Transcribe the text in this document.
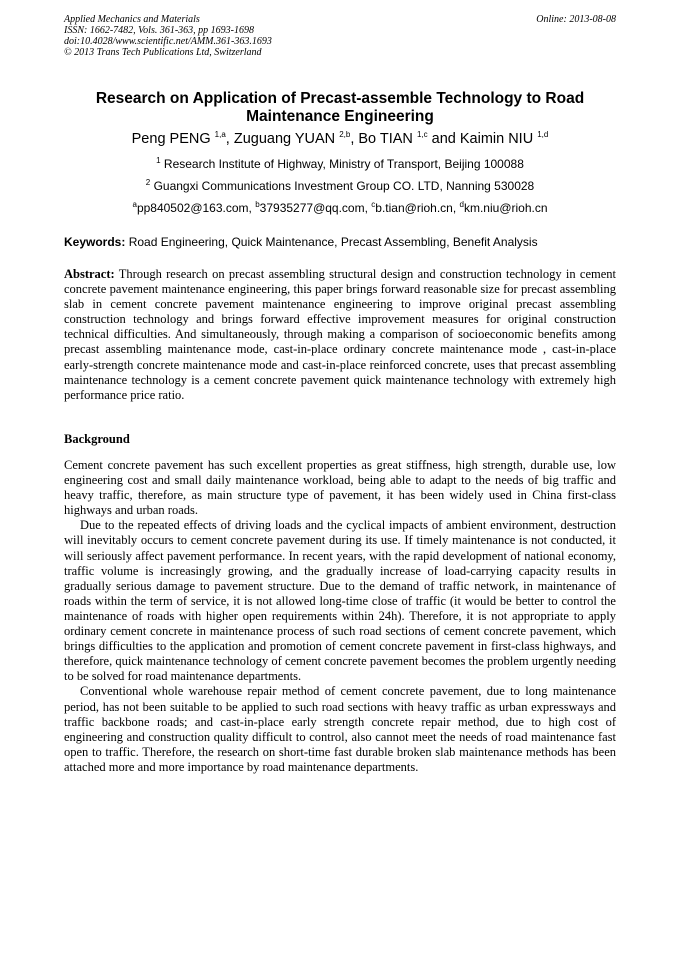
Applied Mechanics and Materials
ISSN: 1662-7482, Vols. 361-363, pp 1693-1698
doi:10.4028/www.scientific.net/AMM.361-363.1693
© 2013 Trans Tech Publications Ltd, Switzerland
Online: 2013-08-08
Research on Application of Precast-assemble Technology to Road Maintenance Engineering
Peng PENG $^{1,a}$, Zuguang YUAN $^{2,b}$, Bo TIAN $^{1,c}$ and Kaimin NIU $^{1,d}$
$^1$ Research Institute of Highway, Ministry of Transport, Beijing 100088
$^2$ Guangxi Communications Investment Group CO. LTD, Nanning 530028
$^a$pp840502@163.com, $^b$37935277@qq.com, $^c$b.tian@rioh.cn, $^d$km.niu@rioh.cn
Keywords: Road Engineering, Quick Maintenance, Precast Assembling, Benefit Analysis
Abstract: Through research on precast assembling structural design and construction technology in cement concrete pavement maintenance engineering, this paper brings forward reasonable size for precast assembling slab in cement concrete pavement maintenance engineering to improve original precast assembling construction technology and brings forward effective improvement measures for original construction technical difficulties. And simultaneously, through making a comparison of socioeconomic benefits among precast assembling maintenance mode, cast-in-place ordinary concrete maintenance mode , cast-in-place early-strength concrete maintenance mode and cast-in-place reinforced concrete, uses that precast assembling maintenance technology is a cement concrete pavement quick maintenance technology with extremely high performance price ratio.
Background

Cement concrete pavement has such excellent properties as great stiffness, high strength, durable use, low engineering cost and small daily maintenance workload, being able to adapt to the needs of big traffic and heavy traffic, therefore, as main structure type of pavement, it has been widely used in China first-class highways and urban roads.

Due to the repeated effects of driving loads and the cyclical impacts of ambient environment, destruction will inevitably occurs to cement concrete pavement during its use. If timely maintenance is not conducted, it will seriously affect pavement performance. In recent years, with the rapid development of national economy, traffic volume is increasingly growing, and the gradually increase of load-carrying capacity results in gradually serious damage to pavement structure. Due to the demand of traffic network, in maintenance of roads within the term of service, it is not allowed long-time close of traffic (it would be better to control the maintenance of roads with higher open requirements within 24h). Therefore, it is not appropriate to apply ordinary cement concrete in maintenance process of such road sections of cement concrete pavement, which brings difficulties to the application and promotion of cement concrete pavement in first-class highways, and therefore, quick maintenance technology of cement concrete pavement becomes the problem urgently needing to be solved for road maintenance departments.

Conventional whole warehouse repair method of cement concrete pavement, due to long maintenance period, has not been suitable to be applied to such road sections with heavy traffic as urban expressways and traffic backbone roads; and cast-in-place early strength concrete repair method, due to high cost of engineering and construction quality difficult to control, also cannot meet the needs of road maintenance fast open to traffic. Therefore, the research on short-time fast durable broken slab maintenance methods has been attached more and more importance by road maintenance departments.
